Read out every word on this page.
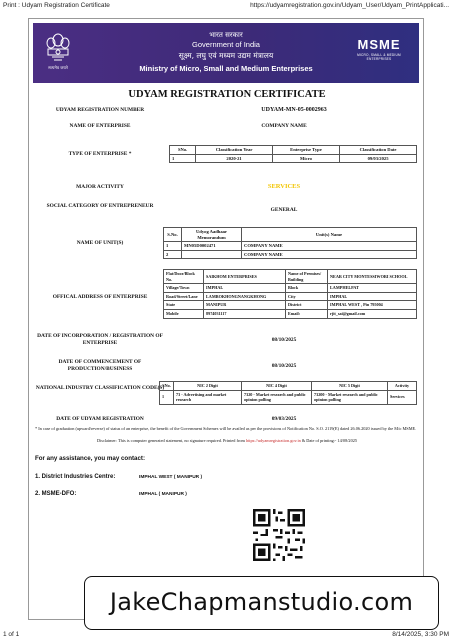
Print : Udyam Registration Certificate	https://udyamregistration.gov.in/Udyam_User/Udyam_PrintApplicati...
सत्यमेव जयते
भारत सरकार
Government of India
सूक्ष्म, लघु एवं मध्यम उद्यम मंत्रालय
Ministry of Micro, Small and Medium Enterprises
MSME
MICRO, SMALL & MEDIUM ENTERPRISES
UDYAM REGISTRATION CERTIFICATE
UDYAM REGISTRATION NUMBER	UDYAM-MN-05-0002963
NAME OF ENTERPRISE	COMPANY NAME
TYPE OF ENTERPRISE *
SNo.	Classification Year	Enterprise Type	Classification Date
1	2020-21	Micro	09/03/2025
MAJOR ACTIVITY	SERVICES
SOCIAL CATEGORY OF ENTREPRENEUR
GENERAL
NAME OF UNIT(S)
S.No.	Udyog Aadhaar Memorandum	Unit(s) Name
1	MN05D0002471	COMPANY NAME
2		COMPANY NAME
OFFICAL ADDRESS OF ENTERPRISE
Flat/Door/Block No.	SAIKHOM ENTERPRISES	Name of Premises/ Building	NEAR CITY MONTESSIWORI SCHOOL
Village/Town	IMPHAL	Block	LAMPHELPAT
Road/Street/Lane	LAMBOKHONGNANGKHONG	City	IMPHAL
State	MANIPUR	District	IMPHAL WEST , Pin 795004
Mobile	8974031117	Email:	rjit_sai@gmail.com
DATE OF INCORPORATION / REGISTRATION OF ENTERPRISE	08/10/2025
DATE OF COMMENCEMENT OF PRODUCTION/BUSINESS	08/10/2025
NATIONAL INDUSTRY CLASSIFICATION CODE(S)
SNo.	NIC 2 Digit	NIC 4 Digit	NIC 5 Digit	Activity
1	73 - Advertising and market research	7320 - Market research and public opinion polling	73200 - Market research and public opinion polling	Services
DATE OF UDYAM REGISTRATION	09/03/2025
* In case of graduation (upward/reverse) of status of an enterprise, the benefit of the Government Schemes will be availed as per the provisions of Notification No. S.O. 2119(E) dated 26.06.2020 issued by the M/o MSME.
Disclaimer: This is computer generated statement, no signature required. Printed from https://udyamregistration.gov.in & Date of printing:- 14/08/2025
For any assistance, you may contact:
1. District Industries Centre:	IMPHAL WEST ( MANIPUR )
2. MSME-DFO:	IMPHAL ( MANIPUR )
JakeChapmanstudio.com
1 of 1	8/14/2025, 3:30 PM
